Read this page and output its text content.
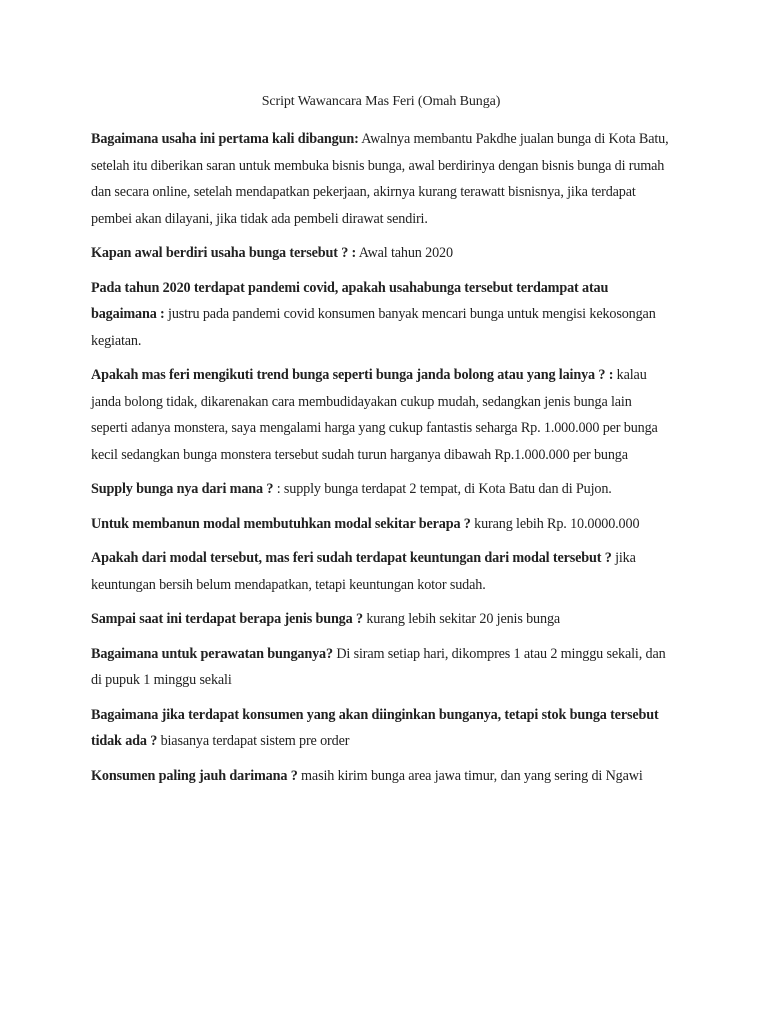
Script Wawancara Mas Feri (Omah Bunga)

Bagaimana usaha ini pertama kali dibangun: Awalnya membantu Pakdhe jualan bunga di Kota Batu, setelah itu diberikan saran untuk membuka bisnis bunga, awal berdirinya dengan bisnis bunga di rumah dan secara online, setelah mendapatkan pekerjaan, akirnya kurang terawatt bisnisnya, jika terdapat pembei akan dilayani, jika tidak ada pembeli dirawat sendiri.

Kapan awal berdiri usaha bunga tersebut ? : Awal tahun 2020

Pada tahun 2020 terdapat pandemi covid, apakah usahabunga tersebut terdampat atau bagaimana : justru pada pandemi covid konsumen banyak mencari bunga untuk mengisi kekosongan kegiatan.

Apakah mas feri mengikuti trend bunga seperti bunga janda bolong atau yang lainya ? : kalau janda bolong tidak, dikarenakan cara membudidayakan cukup mudah, sedangkan jenis bunga lain seperti adanya monstera, saya mengalami harga yang cukup fantastis seharga Rp. 1.000.000 per bunga kecil sedangkan bunga monstera tersebut sudah turun harganya dibawah Rp.1.000.000 per bunga

Supply bunga nya dari mana ? : supply bunga terdapat 2 tempat, di Kota Batu dan di Pujon.

Untuk membanun modal membutuhkan modal sekitar berapa ? kurang lebih Rp. 10.0000.000

Apakah dari modal tersebut, mas feri sudah terdapat keuntungan dari modal tersebut ? jika keuntungan bersih belum mendapatkan, tetapi keuntungan kotor sudah.

Sampai saat ini terdapat berapa jenis bunga ? kurang lebih sekitar 20 jenis bunga

Bagaimana untuk perawatan bunganya? Di siram setiap hari, dikompres 1 atau 2 minggu sekali, dan di pupuk 1 minggu sekali

Bagaimana jika terdapat konsumen yang akan diinginkan bunganya, tetapi stok bunga tersebut tidak ada ? biasanya terdapat sistem pre order

Konsumen paling jauh darimana ? masih kirim bunga area jawa timur, dan yang sering di Ngawi
